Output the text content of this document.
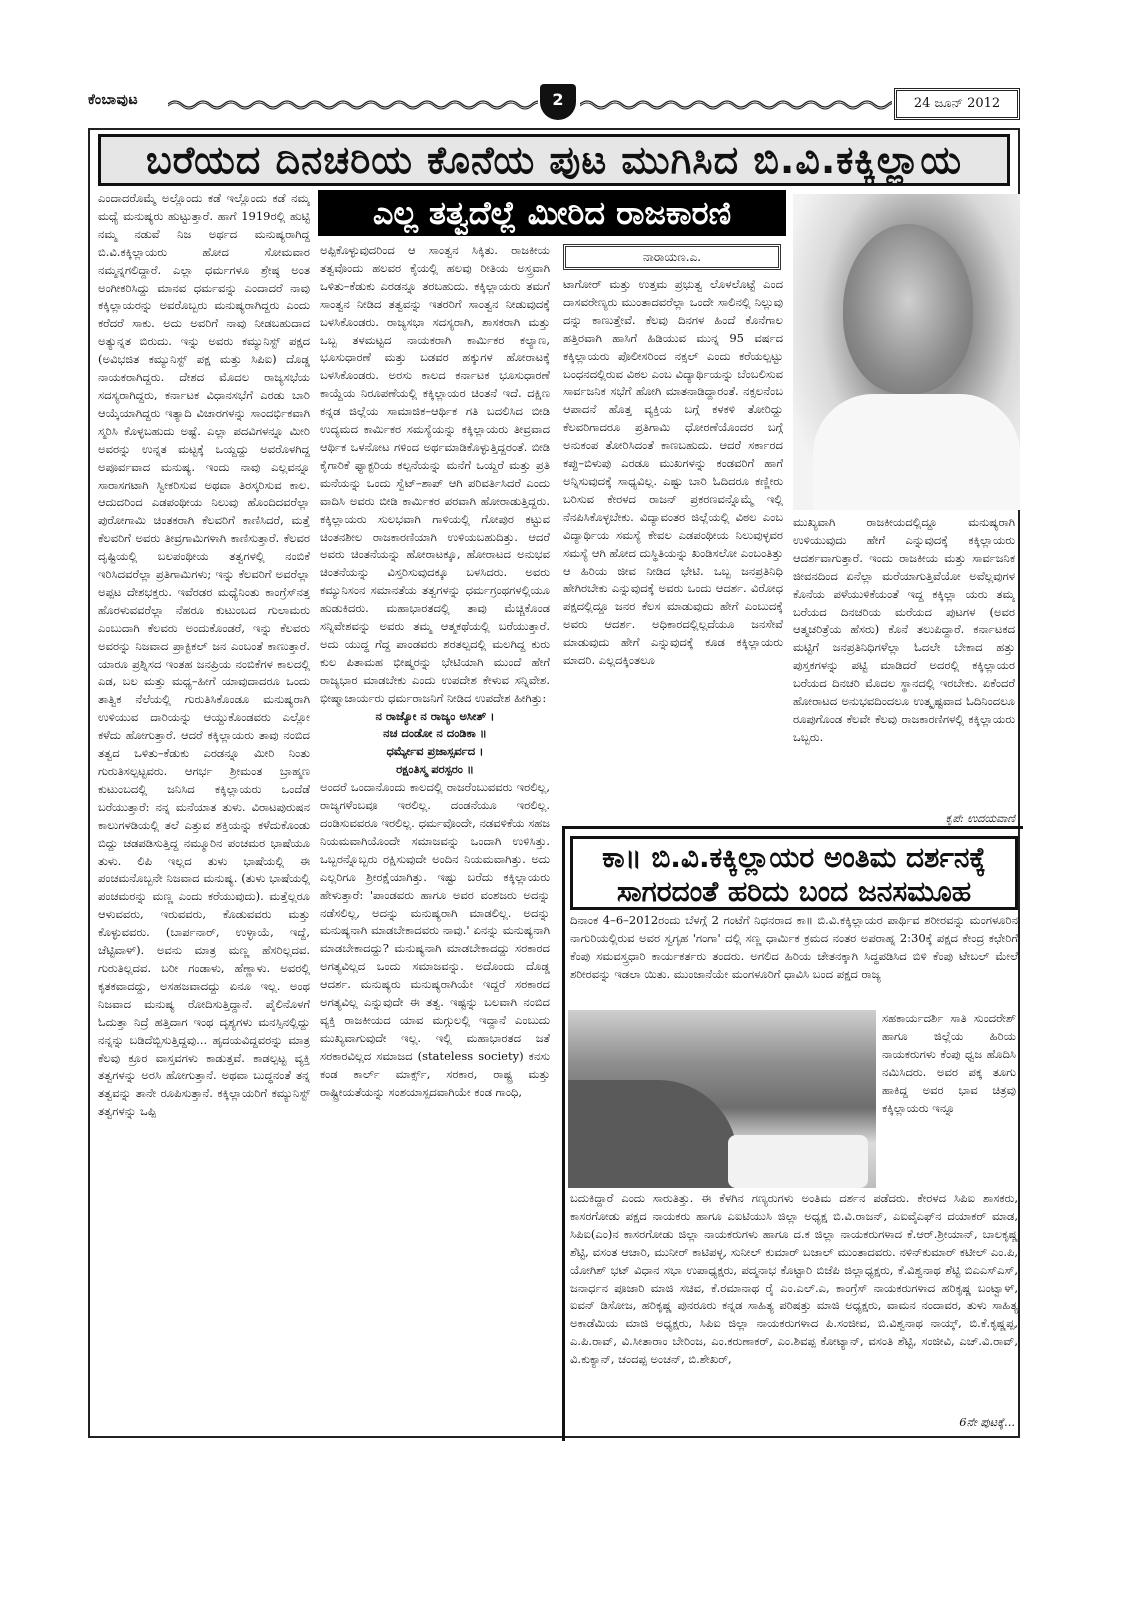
ಕೆಂಬಾವುಟ	2	24 ಜೂನ್ 2012
ಬರೆಯದ ದಿನಚರಿಯ ಕೊನೆಯ ಪುಟ ಮುಗಿಸಿದ ಬಿ.ವಿ.ಕಕ್ಕಿಲ್ಲಾಯ

ಎಂದಾದರೊಮ್ಮೆ ಅಲ್ಲೊಂದು ಕಡೆ ಇಲ್ಲೊಂದು ಕಡೆ ನಮ್ಮ ಮಧ್ಯೆ ಮನುಷ್ಯರು ಹುಟ್ಟುತ್ತಾರೆ. ಹಾಗೆ 1919ರಲ್ಲಿ ಹುಟ್ಟಿ ನಮ್ಮ ನಡುವೆ ನಿಜ ಅರ್ಥದ ಮನುಷ್ಯರಾಗಿದ್ದ ಬಿ.ವಿ.ಕಕ್ಕಿಲ್ಲಾಯರು ಹೋದ ಸೋಮವಾರ ನಮ್ಮನ್ನಗಲಿದ್ದಾರೆ. ಎಲ್ಲಾ ಧರ್ಮಗಳೂ ಶ್ರೇಷ್ಠ ಅಂತ ಅಂಗೀಕರಿಸಿದ್ದು ಮಾನವ ಧರ್ಮವನ್ನು ಎಂದಾದರೆ ನಾವು ಕಕ್ಕಿಲ್ಲಾಯರನ್ನು ಅವರೊಬ್ಬರು ಮನುಷ್ಯರಾಗಿದ್ದರು ಎಂದು ಕರೆದರೆ ಸಾಕು. ಅದು ಅವರಿಗೆ ನಾವು ನೀಡಬಹುದಾದ ಅತ್ಯುನ್ನತ ಬಿರುದು. ಇನ್ನು ಅವರು ಕಮ್ಯುನಿಸ್ಟ್ ಪಕ್ಷದ (ಅವಿಭಜಿತ ಕಮ್ಯುನಿಸ್ಟ್ ಪಕ್ಷ ಮತ್ತು ಸಿಪಿಐ) ದೊಡ್ಡ ನಾಯಕರಾಗಿದ್ದರು. ದೇಶದ ಮೊದಲ ರಾಜ್ಯಸಭೆಯ ಸದಸ್ಯರಾಗಿದ್ದರು, ಕರ್ನಾಟಕ ವಿಧಾನಸಭೆಗೆ ಎರಡು ಬಾರಿ ಆಯ್ಕೆಯಾಗಿದ್ದರು ಇತ್ಯಾದಿ ವಿಚಾರಗಳನ್ನು ಸಾಂದರ್ಭಿಕವಾಗಿ ಸ್ಮರಿಸಿ ಕೊಳ್ಳಬಹುದು ಅಷ್ಟೆ. ಎಲ್ಲಾ ಪದವಿಗಳನ್ನೂ ಮೀರಿ ಅವರನ್ನು ಉನ್ನತ ಮಟ್ಟಕ್ಕೆ ಒಯ್ದದ್ದು ಅವರೊಳಗಿದ್ದ ಅಪೂರ್ವವಾದ ಮನುಷ್ಯ. ಇಂದು ನಾವು ಎಲ್ಲವನ್ನೂ ಸಾರಾಸಗಟಾಗಿ ಸ್ವೀಕರಿಸುವ ಅಥವಾ ತಿರಸ್ಕರಿಸುವ ಕಾಲ. ಆದುದರಿಂದ ಎಡಪಂಥೀಯ ನಿಲುವು ಹೊಂದಿದವರೆಲ್ಲಾ ಪುರೋಗಾಮಿ ಚಿಂತಕರಾಗಿ ಕೆಲವರಿಗೆ ಕಾಣಿಸಿದರೆ, ಮತ್ತೆ ಕೆಲವರಿಗೆ ಅವರು ತೀವ್ರಗಾಮಿಗಳಾಗಿ ಕಾಣಿಸುತ್ತಾರೆ. ಕೆಲವರ ದೃಷ್ಟಿಯಲ್ಲಿ ಬಲಪಂಥೀಯ ತತ್ವಗಳಲ್ಲಿ ನಂಬಿಕೆ ಇರಿಸಿದವರೆಲ್ಲಾ ಪ್ರತಿಗಾಮಿಗಳು; ಇನ್ನು ಕೆಲವರಿಗೆ ಅವರೆಲ್ಲಾ ಅಪ್ಪಟ ದೇಶಭಕ್ತರು. ಇವೆರಡರ ಮಧ್ಯೆನಿಂತು ಕಾಂಗ್ರೆಸ್‌ನತ್ತ ಹೊರಳುವವರೆಲ್ಲಾ ನೆಹರೂ ಕುಟುಂಬದ ಗುಲಾಮರು ಎಂಬುದಾಗಿ ಕೆಲವರು ಅಂದುಕೊಂಡರೆ, ಇನ್ನು ಕೆಲವರು ಅವರನ್ನು ನಿಜವಾದ ಪ್ರಾಕ್ಟಿಕಲ್ ಜನ ಎಂಬಂತೆ ಕಾಣುತ್ತಾರೆ. ಯಾರೂ ಪ್ರಶ್ನಿಸದ ಇಂತಹ ಜನಪ್ರಿಯ ನಂಬಿಕೆಗಳ ಕಾಲದಲ್ಲಿ ಎಡ, ಬಲ ಮತ್ತು ಮಧ್ಯ–ಹೀಗೆ ಯಾವುದಾದರೂ ಒಂದು ತಾತ್ವಿಕ ನೆಲೆಯಲ್ಲಿ ಗುರುತಿಸಿಕೊಂಡೂ ಮನುಷ್ಯರಾಗಿ ಉಳಿಯುವ ದಾರಿಯನ್ನು ಆಯ್ದುಕೊಂಡವರು ಎಲ್ಲೋ ಕಳೆದು ಹೋಗುತ್ತಾರೆ. ಆದರೆ ಕಕ್ಕಿಲ್ಲಾಯರು ತಾವು ನಂಬಿದ ತತ್ವದ ಒಳಿತು–ಕೆಡುಕು ಎರಡನ್ನೂ ಮೀರಿ ನಿಂತು ಗುರುತಿಸಲ್ಪಟ್ಟವರು. ಆಗರ್ಭ ಶ್ರೀಮಂತ ಬ್ರಾಹ್ಮಣ ಕುಟುಂಬದಲ್ಲಿ ಜನಿಸಿದ ಕಕ್ಕಿಲ್ಲಾಯರು ಒಂದೆಡೆ ಬರೆಯುತ್ತಾರೆ: ನನ್ನ ಮನೆಯಾತ ತುಳು. ವಿರಾಟಪುರುಷನ ಕಾಲುಗಳಡಿಯಲ್ಲಿ ತಲೆ ಎತ್ತುವ ಶಕ್ತಿಯನ್ನು ಕಳೆದುಕೊಂಡು ಬಿದ್ದು ಚಡಪಡಿಸುತ್ತಿದ್ದ ನಮ್ಮೂರಿನ ಪಂಚಮರ ಭಾಷೆಯೂ ತುಳು. ಲಿಪಿ ಇಲ್ಲದ ತುಳು ಭಾಷೆಯಲ್ಲಿ ಈ ಪಂಚಮನೊಬ್ಬನೇ ನಿಜವಾದ ಮನುಷ್ಯ. (ತುಳು ಭಾಷೆಯಲ್ಲಿ ಪಂಚಮರನ್ನು ಮಣ್ಣ ಎಂದು ಕರೆಯುವುದು). ಮತ್ತೆಲ್ಲರೂ ಆಳುವವರು, ಇರುವವರು, ಕೊಡುವವರು ಮತ್ತು ಕೊಳ್ಳುವವರು. (ಬಾರ್ಪನಾರ್, ಉಳ್ಳಾಯೆ, ಇದ್ದೆ, ಚೆಟ್ಟಿವಾಳ್). ಅವನು ಮಾತ್ರ ಮಣ್ಣ ಹೆಸರಿಲ್ಲದವ. ಗುರುತಿಲ್ಲದವ. ಬರೀ ಗಂಡಾಳು, ಹೆಣ್ಣಾಳು. ಅವರಲ್ಲಿ ಕೃತಕವಾದದ್ದು, ಅಸಹಜವಾದದ್ದು ಏನೂ ಇಲ್ಲ. ಅಂಥ ನಿಜವಾದ ಮನುಷ್ಯ ರೋದಿಸುತ್ತಿದ್ದಾನೆ. ಪೈಲಿನೊಳಗೆ ಓದುತ್ತಾ ನಿದ್ರೆ ಹತ್ತಿದಾಗ ಇಂಥ ದೃಶ್ಯಗಳು ಮನಸ್ಸಿನಲ್ಲಿದ್ದು ನನ್ನನ್ನು ಬಡಿದೆಬ್ಬಿಸುತ್ತಿದ್ದವು... ಹೃದಯವಿದ್ದವರನ್ನು ಮಾತ್ರ ಕೆಲವು ಕ್ರೂರ ವಾಸ್ತವಗಳು ಕಾಡುತ್ತವೆ. ಕಾಡಲ್ಪಟ್ಟ ವ್ಯಕ್ತಿ ತತ್ವಗಳನ್ನು ಅರಸಿ ಹೋಗುತ್ತಾನೆ. ಅಥವಾ ಬುದ್ಧನಂತೆ ತನ್ನ ತತ್ವವನ್ನು ತಾನೇ ರೂಪಿಸುತ್ತಾನೆ. ಕಕ್ಕಿಲ್ಲಾಯರಿಗೆ ಕಮ್ಯುನಿಸ್ಟ್ ತತ್ವಗಳನ್ನು ಒಪ್ಪಿ

ಎಲ್ಲ ತತ್ವದೆಲ್ಲೆ ಮೀರಿದ ರಾಜಕಾರಣಿ

ಅಪ್ಪಿಕೊಳ್ಳುವುದರಿಂದ ಆ ಸಾಂತ್ವನ ಸಿಕ್ಕಿತು. ರಾಜಕೀಯ ತತ್ವವೊಂದು ಹಲವರ ಕೈಯಲ್ಲಿ ಹಲವು ರೀತಿಯ ಅಸ್ತ್ರವಾಗಿ ಒಳಿತು–ಕೆಡುಕು ಎರಡನ್ನೂ ತರಬಹುದು. ಕಕ್ಕಿಲ್ಲಾಯರು ತಮಗೆ ಸಾಂತ್ವನ ನೀಡಿದ ತತ್ವವನ್ನು ಇತರರಿಗೆ ಸಾಂತ್ವನ ನೀಡುವುದಕ್ಕೆ ಬಳಸಿಕೊಂಡರು. ರಾಜ್ಯಸಭಾ ಸದಸ್ಯರಾಗಿ, ಶಾಸಕರಾಗಿ ಮತ್ತು ಒಬ್ಬ ತಳಮಟ್ಟದ ನಾಯಕರಾಗಿ ಕಾರ್ಮಿಕರ ಕಲ್ಯಾಣ, ಭೂಸುಧಾರಣೆ ಮತ್ತು ಬಡವರ ಹಕ್ಕುಗಳ ಹೋರಾಟಕ್ಕೆ ಬಳಸಿಕೊಂಡರು. ಅರಸು ಕಾಲದ ಕರ್ನಾಟಕ ಭೂಸುಧಾರಣೆ ಕಾಯ್ದೆಯ ನಿರೂಪಣೆಯಲ್ಲಿ ಕಕ್ಕಿಲ್ಲಾಯರ ಚಿಂತನೆ ಇದೆ. ದಕ್ಷಿಣ ಕನ್ನಡ ಜಿಲ್ಲೆಯ ಸಾಮಾಜಿಕ–ಆರ್ಥಿಕ ಗತಿ ಬದಲಿಸಿದ ಬೀಡಿ ಉದ್ಯಮದ ಕಾರ್ಮಿಕರ ಸಮಸ್ಯೆಯನ್ನು ಕಕ್ಕಿಲ್ಲಾಯರು ತೀವ್ರವಾದ ಆರ್ಥಿಕ ಒಳನೋಟ ಗಳಿಂದ ಅರ್ಥಮಾಡಿಕೊಳ್ಳುತ್ತಿದ್ದರಂತೆ. ಬೀಡಿ ಕೈಗಾರಿಕೆ ಫ್ಯಾಕ್ಟರಿಯ ಕಲ್ಪನೆಯನ್ನು ಮನೆಗೆ ಒಯ್ದರೆ ಮತ್ತು ಪ್ರತಿ ಮನೆಯನ್ನು ಒಂದು ಸ್ವೆಟ್–ಶಾಪ್ ಆಗಿ ಪರಿವರ್ತಿಸಿದರೆ ಎಂದು ವಾದಿಸಿ ಅವರು ಬೀಡಿ ಕಾರ್ಮಿಕರ ಪರವಾಗಿ ಹೋರಾಡುತ್ತಿದ್ದರು. ಕಕ್ಕಿಲ್ಲಾಯರು ಸುಲಭವಾಗಿ ಗಾಳಿಯಲ್ಲಿ ಗೋಪುರ ಕಟ್ಟುವ ಚಿಂತನಶೀಲ ರಾಜಕಾರಣಿಯಾಗಿ ಉಳಿಯಬಹುದಿತ್ತು. ಆದರೆ ಅವರು ಚಿಂತನೆಯನ್ನು ಹೋರಾಟಕ್ಕೂ, ಹೋರಾಟದ ಅನುಭವ ಚಿಂತನೆಯನ್ನು ವಿಸ್ತರಿಸುವುದಕ್ಕೂ ಬಳಸಿದರು. ಅವರು ಕಮ್ಯುನಿಸಂನ ಸಮಾನತೆಯ ತತ್ವಗಳನ್ನು ಧರ್ಮಗ್ರಂಥಗಳಲ್ಲಿಯೂ ಹುಡುಕಿದರು. ಮಹಾಭಾರತದಲ್ಲಿ ತಾವು ಮೆಚ್ಚಿಕೊಂಡ ಸನ್ನಿವೇಶವನ್ನು ಅವರು ತಮ್ಮ ಆತ್ಮಕಥೆಯಲ್ಲಿ ಬರೆಯುತ್ತಾರೆ. ಅದು ಯುದ್ಧ ಗೆದ್ದ ಪಾಂಡವರು ಶರತಲ್ಪದಲ್ಲಿ ಮಲಗಿದ್ದ ಕುರು ಕುಲ ಪಿತಾಮಹ ಭೀಷ್ಮರನ್ನು ಭೇಟಿಯಾಗಿ ಮುಂದೆ ಹೇಗೆ ರಾಜ್ಯಭಾರ ಮಾಡಬೇಕು ಎಂದು ಉಪದೇಶ ಕೇಳುವ ಸನ್ನಿವೇಶ. ಭೀಷ್ಮಾಚಾರ್ಯರು ಧರ್ಮರಾಜನಿಗೆ ನೀಡಿದ ಉಪದೇಶ ಹೀಗಿತ್ತು:

ನ ರಾಜ್ಯೋ ನ ರಾಜ್ಯಂ ಅಸೀತ್ ।

ನಚ ದಂಡೋ ನ ದಂಡಿಕಾ ॥

ಧರ್ಮ್ಯೇವ ಪ್ರಜಾಸ್ಸರ್ವದ ।

ರಕ್ಷಂತಿಸ್ಮ ಪರಸ್ಪರಂ ॥

ಅಂದರೆ ಒಂದಾನೊಂದು ಕಾಲದಲ್ಲಿ ರಾಜರೆಂಬುವವರು ಇರಲಿಲ್ಲ, ರಾಜ್ಯಗಳೆಂಬವೂ ಇರಲಿಲ್ಲ. ದಂಡನೆಯೂ ಇರಲಿಲ್ಲ. ದಂಡಿಸುವವರೂ ಇರಲಿಲ್ಲ. ಧರ್ಮವೊಂದೇ, ನಡವಳಿಕೆಯ ಸಹಜ ನಿಯಮವಾಗಿಯೊಂದೇ ಸಮಾಜವನ್ನು ಒಂದಾಗಿ ಉಳಿಸಿತ್ತು. ಒಬ್ಬರನ್ನೊಬ್ಬರು ರಕ್ಷಿಸುವುದೇ ಅಂದಿನ ನಿಯಮವಾಗಿತ್ತು. ಅದು ಎಲ್ಲರಿಗೂ ಶ್ರೀರಕ್ಷೆಯಾಗಿತ್ತು. ಇಷ್ಟು ಬರೆದು ಕಕ್ಕಿಲ್ಲಾಯರು ಹೇಳುತ್ತಾರೆ: 'ಪಾಂಡವರು ಹಾಗೂ ಅವರ ವಂಶಜರು ಅದನ್ನು ನಡೆಸಲಿಲ್ಲ, ಅದನ್ನು ಮನುಷ್ಯರಾಗಿ ಮಾಡಲಿಲ್ಲ. ಅದನ್ನು ಮನುಷ್ಯನಾಗಿ ಮಾಡಬೇಕಾದವರು ನಾವು.' ಏನನ್ನು ಮನುಷ್ಯನಾಗಿ ಮಾಡಬೇಕಾದದ್ದು? ಮನುಷ್ಯನಾಗಿ ಮಾಡಬೇಕಾದದ್ದು ಸರಕಾರದ ಅಗತ್ಯವಿಲ್ಲದ ಒಂದು ಸಮಾಜವನ್ನು. ಅದೊಂದು ದೊಡ್ಡ ಆದರ್ಶ. ಮನುಷ್ಯರು ಮನುಷ್ಯರಾಗಿಯೇ ಇದ್ದರೆ ಸರಕಾರದ ಅಗತ್ಯವಿಲ್ಲ ಎನ್ನುವುದೇ ಈ ತತ್ವ. ಇಷ್ಟನ್ನು ಬಲವಾಗಿ ನಂಬಿದ ವ್ಯಕ್ತಿ ರಾಜಕೀಯದ ಯಾವ ಮಗ್ಗುಲಲ್ಲಿ ಇದ್ದಾನೆ ಎಂಬುದು ಮುಖ್ಯವಾಗುವುದೇ ಇಲ್ಲ. ಇಲ್ಲಿ ಮಹಾಭಾರತದ ಜತೆ ಸರಕಾರವಿಲ್ಲದ ಸಮಾಜದ (stateless society) ಕನಸು ಕಂಡ ಕಾರ್ಲ್ ಮಾರ್ಕ್ಸ್, ಸರಕಾರ, ರಾಷ್ಟ್ರ ಮತ್ತು ರಾಷ್ಟ್ರೀಯತೆಯನ್ನು ಸಂಶಯಾಸ್ಪದವಾಗಿಯೇ ಕಂಡ ಗಾಂಧಿ,

ನಾರಾಯಣ.ಎ.

ಟಾಗೋರ್ ಮತ್ತು ಉತ್ತಮ ಪ್ರಭುತ್ವ ಲೊಳಲೊಟ್ಟೆ ಎಂದ ದಾಸವರೇಣ್ಯರು ಮುಂತಾದವರೆಲ್ಲಾ ಒಂದೇ ಸಾಲಿನಲ್ಲಿ ನಿಲ್ಲುವು ದನ್ನು ಕಾಣುತ್ತೇವೆ. ಕೆಲವು ದಿನಗಳ ಹಿಂದೆ ಕೊನೆಗಾಲ ಹತ್ತಿರವಾಗಿ ಹಾಸಿಗೆ ಹಿಡಿಯುವ ಮುನ್ನ 95 ವರ್ಷದ ಕಕ್ಕಿಲ್ಲಾಯರು ಪೊಲೀಸರಿಂದ ನಕ್ಸಲ್ ಎಂದು ಕರೆಯಲ್ಪಟ್ಟು ಬಂಧನದಲ್ಲಿರುವ ವಿಠಲ ಎಂಬ ವಿದ್ಯಾರ್ಥಿಯನ್ನು ಬೆಂಬಲಿಸುವ ಸಾರ್ವಜನಿಕ ಸಭೆಗೆ ಹೋಗಿ ಮಾತನಾಡಿದ್ದಾರಂತೆ. ನಕ್ಸಲನೆಂಬ ಆಪಾದನೆ ಹೊತ್ತ ವ್ಯಕ್ತಿಯ ಬಗ್ಗೆ ಕಳಕಳಿ ತೋರಿದ್ದು ಕೆಲವರಿಗಾದರೂ ಪ್ರತಿಗಾಮಿ ಧೋರಣೆಯೊಂದರ ಬಗ್ಗೆ ಅನುಕಂಪ ತೋರಿಸಿದಂತೆ ಕಾಣಬಹುದು. ಆದರೆ ಸರ್ಕಾರದ ಕಪ್ಪು–ಬಿಳುಪು ಎರಡೂ ಮುಖಗಳನ್ನು ಕಂಡವರಿಗೆ ಹಾಗೆ ಅನ್ನಿಸುವುದಕ್ಕೆ ಸಾಧ್ಯವಿಲ್ಲ. ಎಷ್ಟು ಬಾರಿ ಓದಿದರೂ ಕಣ್ಣೀರು ಬರಿಸುವ ಕೇರಳದ ರಾಜನ್ ಪ್ರಕರಣವನ್ನೊಮ್ಮೆ ಇಲ್ಲಿ ನೆನಪಿಸಿಕೊಳ್ಳಬೇಕು. ವಿದ್ಯಾವಂತರ ಜಿಲ್ಲೆಯಲ್ಲಿ ವಿಠಲ ಎಂಬ ವಿದ್ಯಾರ್ಥಿಯ ಸಮಸ್ಯೆ ಕೇವಲ ಎಡಪಂಥೀಯ ನಿಲುವುಳ್ಳವರ ಸಮಸ್ಯೆ ಆಗಿ ಹೋದ ದುಸ್ಥಿತಿಯನ್ನು ಖಂಡಿಸಲೋ ಎಂಬಂತಿತ್ತು ಆ ಹಿರಿಯ ಜೀವ ನೀಡಿದ ಭೇಟಿ. ಒಬ್ಬ ಜನಪ್ರತಿನಿಧಿ ಹೇಗಿರಬೇಕು ಎನ್ನುವುದಕ್ಕೆ ಅವರು ಒಂದು ಆದರ್ಶ. ವಿರೋಧ ಪಕ್ಷದಲ್ಲಿದ್ದೂ ಜನರ ಕೆಲಸ ಮಾಡುವುದು ಹೇಗೆ ಎಂಬುದಕ್ಕೆ ಅವರು ಆದರ್ಶ. ಅಧಿಕಾರದಲ್ಲಿಲ್ಲದೆಯೂ ಜನಸೇವೆ ಮಾಡುವುದು ಹೇಗೆ ಎನ್ನುವುದಕ್ಕೆ ಕೂಡ ಕಕ್ಕಿಲ್ಲಾಯರು ಮಾದರಿ. ಎಲ್ಲದಕ್ಕಿಂತಲೂ

ಮುಖ್ಯವಾಗಿ ರಾಜಕೀಯದಲ್ಲಿದ್ದೂ ಮನುಷ್ಯರಾಗಿ ಉಳಿಯುವುದು ಹೇಗೆ ಎನ್ನುವುದಕ್ಕೆ ಕಕ್ಕಿಲ್ಲಾಯರು ಆದರ್ಶವಾಗುತ್ತಾರೆ. ಇಂದು ರಾಜಕೀಯ ಮತ್ತು ಸಾರ್ವಜನಿಕ ಜೀವನದಿಂದ ಏನೆಲ್ಲಾ ಮರೆಯಾಗುತ್ತಿವೆಯೋ ಅವೆಲ್ಲವುಗಳ ಕೊನೆಯ ಪಳೆಯುಳಿಕೆಯಂತೆ ಇದ್ದ ಕಕ್ಕಿಲ್ಲಾ ಯರು ತಮ್ಮ ಬರೆಯದ ದಿನಚರಿಯ ಮರೆಯದ ಪುಟಗಳ (ಅವರ ಆತ್ಮಚರಿತ್ರೆಯ ಹೆಸರು) ಕೊನೆ ತಲುಪಿದ್ದಾರೆ. ಕರ್ನಾಟಕದ ಮಟ್ಟಿಗೆ ಜನಪ್ರತಿನಿಧಿಗಳೆಲ್ಲಾ ಓದಲೇ ಬೇಕಾದ ಹತ್ತು ಪುಸ್ತಕಗಳನ್ನು ಪಟ್ಟಿ ಮಾಡಿದರೆ ಅದರಲ್ಲಿ ಕಕ್ಕಿಲ್ಲಾಯರ ಬರೆಯದ ದಿನಚರಿ ಮೊದಲ ಸ್ಥಾನದಲ್ಲಿ ಇರಬೇಕು. ಏಕೆಂದರೆ ಹೋರಾಟದ ಅನುಭವದಿಂದಲೂ ಉತ್ಕೃಷ್ಟವಾದ ಓದಿನಿಂದಲೂ ರೂಪುಗೊಂಡ ಕೆಲವೇ ಕೆಲವು ರಾಜಕಾರಣಿಗಳಲ್ಲಿ ಕಕ್ಕಿಲ್ಲಾಯರು ಒಬ್ಬರು.

ಕೃಪೆ: ಉದಯವಾಣಿ
ಕಾ॥ ಬಿ.ವಿ.ಕಕ್ಕಿಲ್ಲಾಯರ ಅಂತಿಮ ದರ್ಶನಕ್ಕೆ
ಸಾಗರದಂತೆ ಹರಿದು ಬಂದ ಜನಸಮೂಹ

ದಿನಾಂಕ 4–6–2012ರಂದು ಬೆಳಗ್ಗೆ 2 ಗಂಟೆಗೆ ನಿಧನರಾದ ಕಾ॥ ಬಿ.ವಿ.ಕಕ್ಕಿಲ್ಲಾಯರ ಪಾರ್ಥಿವ ಶರೀರವನ್ನು ಮಂಗಳೂರಿನ ನಾಗುರಿಯಲ್ಲಿರುವ ಅವರ ಸ್ವಗೃಹ 'ಗಂಗಾ' ದಲ್ಲಿ ಸಣ್ಣ ಧಾರ್ಮಿಕ ಕ್ರಮದ ನಂತರ ಅಪರಾಹ್ನ 2:30ಕ್ಕೆ ಪಕ್ಷದ ಕೇಂದ್ರ ಕಛೇರಿಗೆ ಕೆಂಪು ಸಮವಸ್ತ್ರಧಾರಿ ಕಾರ್ಯಕರ್ತರು ತಂದರು. ಅಗಲಿದ ಹಿರಿಯ ಚೇತನಕ್ಕಾಗಿ ಸಿದ್ಧಪಡಿಸಿದ ಬಿಳಿ ಕೆಂಪು ಟೇಬಲ್ ಮೇಲೆ ಶರೀರವನ್ನು ಇಡಲಾ ಯಿತು. ಮುಂಜಾನೆಯೇ ಮಂಗಳೂರಿಗೆ ಧಾವಿಸಿ ಬಂದ ಪಕ್ಷದ ರಾಜ್ಯ

ಸಹಕಾರ್ಯದರ್ಶಿ ಸಾತಿ ಸುಂದರೇಶ್ ಹಾಗೂ ಜಿಲ್ಲೆಯ ಹಿರಿಯ ನಾಯಕರುಗಳು ಕೆಂಪು ಧ್ವಜ ಹೊದಿಸಿ ನಮಿಸಿದರು. ಅವರ ಪಕ್ಕ ತೂಗು ಹಾಕಿದ್ದ ಅವರ ಭಾವ ಚಿತ್ರವು ಕಕ್ಕಿಲ್ಲಾಯರು ಇನ್ನೂ

ಬದುಕಿದ್ದಾರೆ ಎಂದು ಸಾರುತಿತ್ತು. ಈ ಕೆಳಗಿನ ಗಣ್ಯರುಗಳು ಅಂತಿಮ ದರ್ಶನ ಪಡೆದರು. ಕೇರಳದ ಸಿಪಿಐ ಶಾಸಕರು, ಕಾಸರಗೋಡು ಪಕ್ಷದ ನಾಯಕರು ಹಾಗೂ ಎಐಟಿಯುಸಿ ಜಿಲ್ಲಾ ಅಧ್ಯಕ್ಷ ಬಿ.ವಿ.ರಾಜನ್, ಎಐವೈಎಫ್‌ನ ದಯಾಕರ್ ಮಾಡ, ಸಿಪಿಐ(ಎಂ)ನ ಕಾಸರಗೋಡು ಜಿಲ್ಲಾ ನಾಯಕರುಗಳು ಹಾಗೂ ದ.ಕ ಜಿಲ್ಲಾ ನಾಯಕರುಗಳಾದ ಕೆ.ಆರ್.ಶ್ರೀಯಾನ್, ಬಾಲಕೃಷ್ಣ ಶೆಟ್ಟಿ, ವಸಂತ ಆಚಾರಿ, ಮುನೀರ್ ಕಾಟಿಪಳ್ಳ, ಸುನೀಲ್ ಕುಮಾರ್ ಬಜಾಲ್ ಮುಂತಾದವರು. ನಳಿನ್‌ಕುಮಾರ್ ಕಟೀಲ್ ಎಂ.ಪಿ, ಯೋಗಿಶ್ ಭಟ್ ವಿಧಾನ ಸಭಾ ಉಪಾಧ್ಯಕ್ಷರು, ಪದ್ಮನಾಭ ಕೊಟ್ಟಾರಿ ಬಿಜೆಪಿ ಜಿಲ್ಲಾಧ್ಯಕ್ಷರು, ಕೆ.ವಿಶ್ವನಾಥ ಶೆಟ್ಟಿ ಬಿಎಎಸ್‌ಎಸ್, ಜನಾರ್ಧನ ಪೂಜಾರಿ ಮಾಜಿ ಸಚಿವ, ಕೆ.ರಮಾನಾಥ ರೈ ಎಂ.ಎಲ್.ಎ, ಕಾಂಗ್ರೆಸ್ ನಾಯಕರುಗಳಾದ ಹರಿಕೃಷ್ಣ ಬಂಟ್ವಾಳ್, ಐವನ್ ಡಿಸೋಜ, ಹರಿಕೃಷ್ಣ ಪುನರೂರು ಕನ್ನಡ ಸಾಹಿತ್ಯ ಪರಿಷತ್ತು ಮಾಜಿ ಅಧ್ಯಕ್ಷರು, ವಾಮನ ನಂದಾವರ, ತುಳು ಸಾಹಿತ್ಯ ಅಕಾಡೆಮಿಯ ಮಾಜಿ ಅಧ್ಯಕ್ಷರು, ಸಿಪಿಐ ಜಿಲ್ಲಾ ನಾಯಕರುಗಳಾದ ಪಿ.ಸಂಜೀವ, ಬಿ.ವಿಶ್ವನಾಥ ನಾಯ್ಕ್, ಬಿ.ಕೆ.ಕೃಷ್ಣಪ್ಪ, ಎ.ಪಿ.ರಾವ್, ವಿ.ಸೀತಾರಾಂ ಬೇರಿಂಜ, ಎಂ.ಕರುಣಾಕರ್, ಎಂ.ಶಿವಪ್ಪ ಕೋಟ್ಯಾನ್, ವಸಂತಿ ಶೆಟ್ಟಿ, ಸಂಜೀವಿ, ಎಚ್.ವಿ.ರಾವ್, ವಿ.ಕುಕ್ಯಾನ್, ಚಂದಪ್ಪ ಅಂಚನ್, ಬಿ.ಶೇಖರ್,

6ನೇ ಪುಟಕ್ಕೆ...
